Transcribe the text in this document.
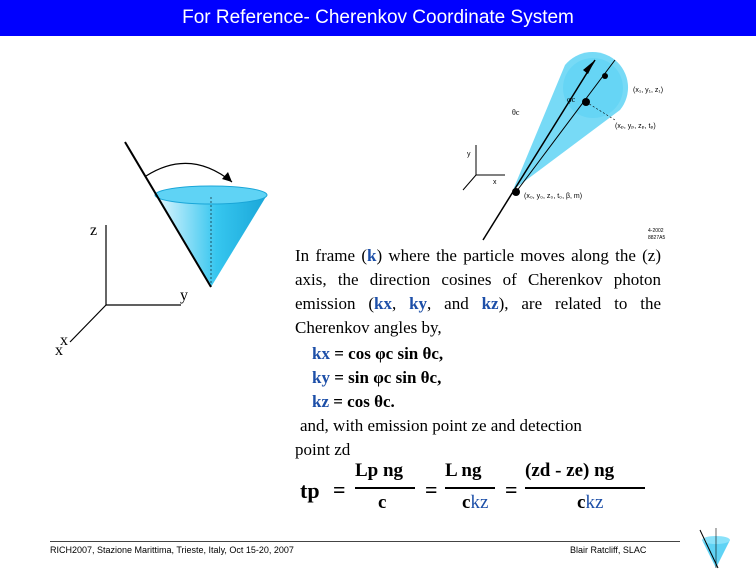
For Reference- Cherenkov Coordinate System
z
y
x
x
(x₁, y₁, z₁)
(xₚ, yₚ, zₚ, tₚ)
(x₀, y₀, z₀, t₀, β, m)
θc
φc
y
x
4-2002
8827A5
In frame (k) where the particle moves along the (z) axis, the direction cosines of Cherenkov photon emission (kx, ky, and kz), are related to the Cherenkov angles by,
kx = cos φc sin θc,
ky = sin φc sin θc,
kz = cos θc.
and, with emission point ze and detection
point zd
tp =
Lp ng
c
=
L ng
ckz
=
(zd - ze) ng
ckz
RICH2007, Stazione Marittima, Trieste, Italy, Oct 15-20, 2007	Blair Ratcliff, SLAC
